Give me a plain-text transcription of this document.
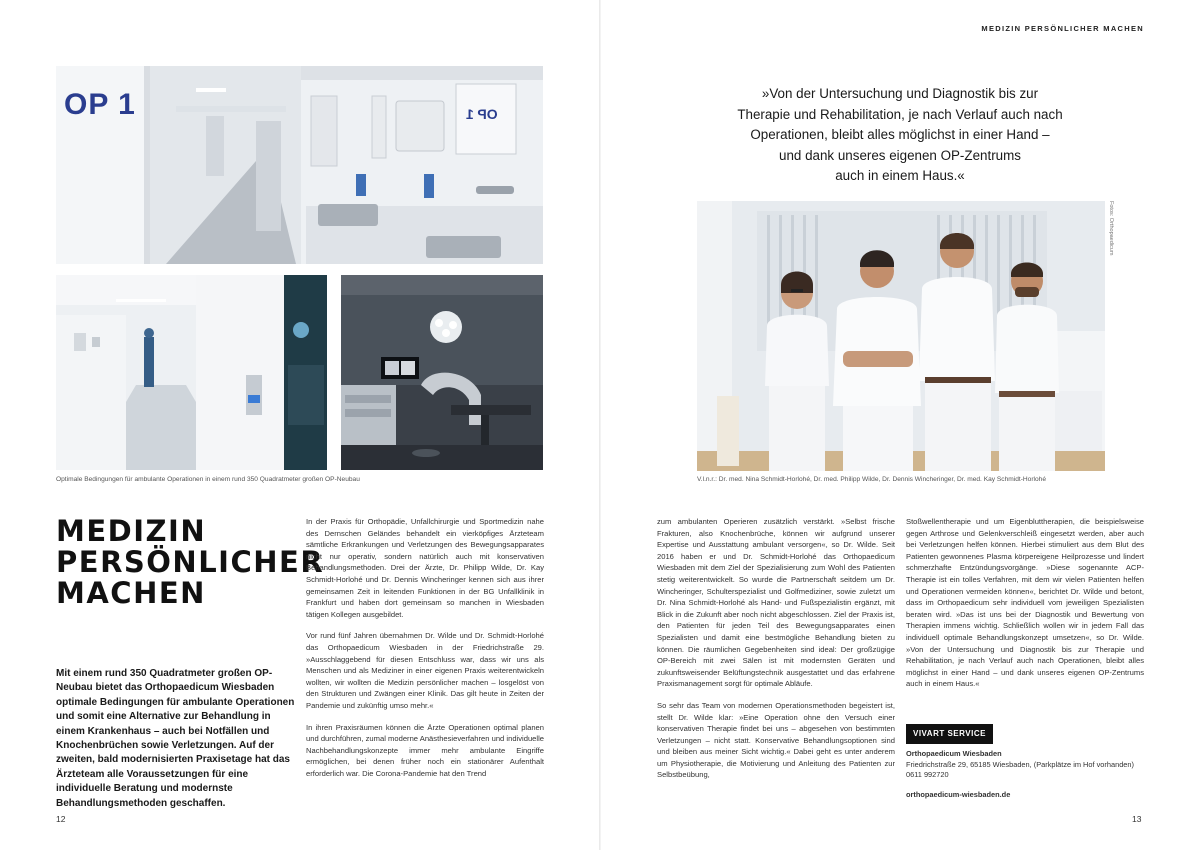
MEDIZIN PERSÖNLICHER MACHEN
OP 1	OP 1
Optimale Bedingungen für ambulante Operationen in einem rund 350 Quadratmeter großen OP-Neubau
MEDIZIN
PERSÖNLICHER
MACHEN
Mit einem rund 350 Quadratmeter großen OP-Neubau bietet das Orthopaedicum Wiesbaden optimale Bedingungen für ambulante Operationen und somit eine Alternative zur Behandlung in einem Krankenhaus – auch bei Notfällen und Knochenbrüchen sowie Verletzungen. Auf der zweiten, bald modernisierten Praxisetage hat das Ärzteteam alle Voraussetzungen für eine individuelle Beratung und modernste Behandlungsmethoden geschaffen.

In der Praxis für Orthopädie, Unfallchirurgie und Sportmedizin nahe des Dernschen Geländes behandelt ein vierköpfiges Ärzteteam sämtliche Erkrankungen und Verletzungen des Bewegungsapparates nicht nur operativ, sondern natürlich auch mit konservativen Behandlungsmethoden. Drei der Ärzte, Dr. Philipp Wilde, Dr. Kay Schmidt-Horlohé und Dr. Dennis Wincheringer kennen sich aus ihrer gemeinsamen Zeit in leitenden Funktionen in der BG Unfallklinik in Frankfurt und haben dort gemeinsam so manchen in Wiesbaden tätigen Kollegen ausgebildet.

Vor rund fünf Jahren übernahmen Dr. Wilde und Dr. Schmidt-Horlohé das Orthopaedicum Wiesbaden in der Friedrichstraße 29. »Ausschlaggebend für diesen Entschluss war, dass wir uns als Menschen und als Mediziner in einer eigenen Praxis weiterentwickeln wollten, wir wollten die Medizin persönlicher machen – losgelöst von den Strukturen und Zwängen einer Klinik. Das gilt heute in Zeiten der Pandemie und zukünftig umso mehr.«

In ihren Praxisräumen können die Ärzte Operationen optimal planen und durchführen, zumal moderne Anästhesieverfahren und individuelle Nachbehandlungskonzepte immer mehr ambulante Eingriffe ermöglichen, bei denen früher noch ein stationärer Aufenthalt erforderlich war. Die Corona-Pandemie hat den Trend

12
»Von der Untersuchung und Diagnostik bis zur
Therapie und Rehabilitation, je nach Verlauf auch nach
Operationen, bleibt alles möglichst in einer Hand –
und dank unseres eigenen OP-Zentrums
auch in einem Haus.«
Fotos: Orthopaedicum
V.l.n.r.: Dr. med. Nina Schmidt-Horlohé, Dr. med. Philipp Wilde, Dr. Dennis Wincheringer, Dr. med. Kay Schmidt-Horlohé

zum ambulanten Operieren zusätzlich verstärkt. »Selbst frische Frakturen, also Knochenbrüche, können wir aufgrund unserer Expertise und Ausstattung ambulant versorgen«, so Dr. Wilde. Seit 2016 haben er und Dr. Schmidt-Horlohé das Orthopaedicum Wiesbaden mit dem Ziel der Spezialisierung zum Wohl des Patienten stetig weiterentwickelt. So wurde die Partnerschaft seitdem um Dr. Wincheringer, Schulterspezialist und Golfmediziner, sowie zuletzt um Dr. Nina Schmidt-Horlohé als Hand- und Fußspezialistin ergänzt, mit Blick in die Zukunft aber noch nicht abgeschlossen. Ziel der Praxis ist, den Patienten für jeden Teil des Bewegungsapparates einen Spezialisten und damit eine bestmögliche Behandlung bieten zu können. Die räumlichen Gegebenheiten sind ideal: Der großzügige OP-Bereich mit zwei Sälen ist mit modernsten Geräten und zukunftsweisender Belüftungstechnik ausgestattet und das erfahrene Praxismanagement sorgt für optimale Abläufe.

So sehr das Team von modernen Operationsmethoden begeistert ist, stellt Dr. Wilde klar: »Eine Operation ohne den Versuch einer konservativen Therapie findet bei uns – abgesehen von bestimmten Verletzungen – nicht statt. Konservative Behandlungsoptionen sind und bleiben aus meiner Sicht wichtig.« Dabei geht es unter anderem um Physiotherapie, die Motivierung und Anleitung des Patienten zur Selbstbeübung,

Stoßwellentherapie und um Eigenbluttherapien, die beispielsweise gegen Arthrose und Gelenkverschleiß eingesetzt werden, aber auch bei Verletzungen helfen können. Hierbei stimuliert aus dem Blut des Patienten gewonnenes Plasma körpereigene Heilprozesse und lindert schmerzhafte Entzündungsvorgänge. »Diese sogenannte ACP-Therapie ist ein tolles Verfahren, mit dem wir vielen Patienten helfen und Operationen vermeiden können«, berichtet Dr. Wilde und betont, dass im Orthopaedicum sehr individuell vom jeweiligen Spezialisten beraten wird. »Das ist uns bei der Diagnostik und Bewertung von Therapien immens wichtig. Schließlich wollen wir in jedem Fall das individuell optimale Behandlungskonzept umsetzen«, so Dr. Wilde. »Von der Untersuchung und Diagnostik bis zur Therapie und Rehabilitation, je nach Verlauf auch nach Operationen, bleibt alles möglichst in einer Hand – und dank unseres eigenen OP-Zentrums auch in einem Haus.«

VIVART SERVICE
Orthopaedicum Wiesbaden
Friedrichstraße 29, 65185 Wiesbaden, (Parkplätze im Hof vorhanden)
0611 992720
orthopaedicum-wiesbaden.de
13
